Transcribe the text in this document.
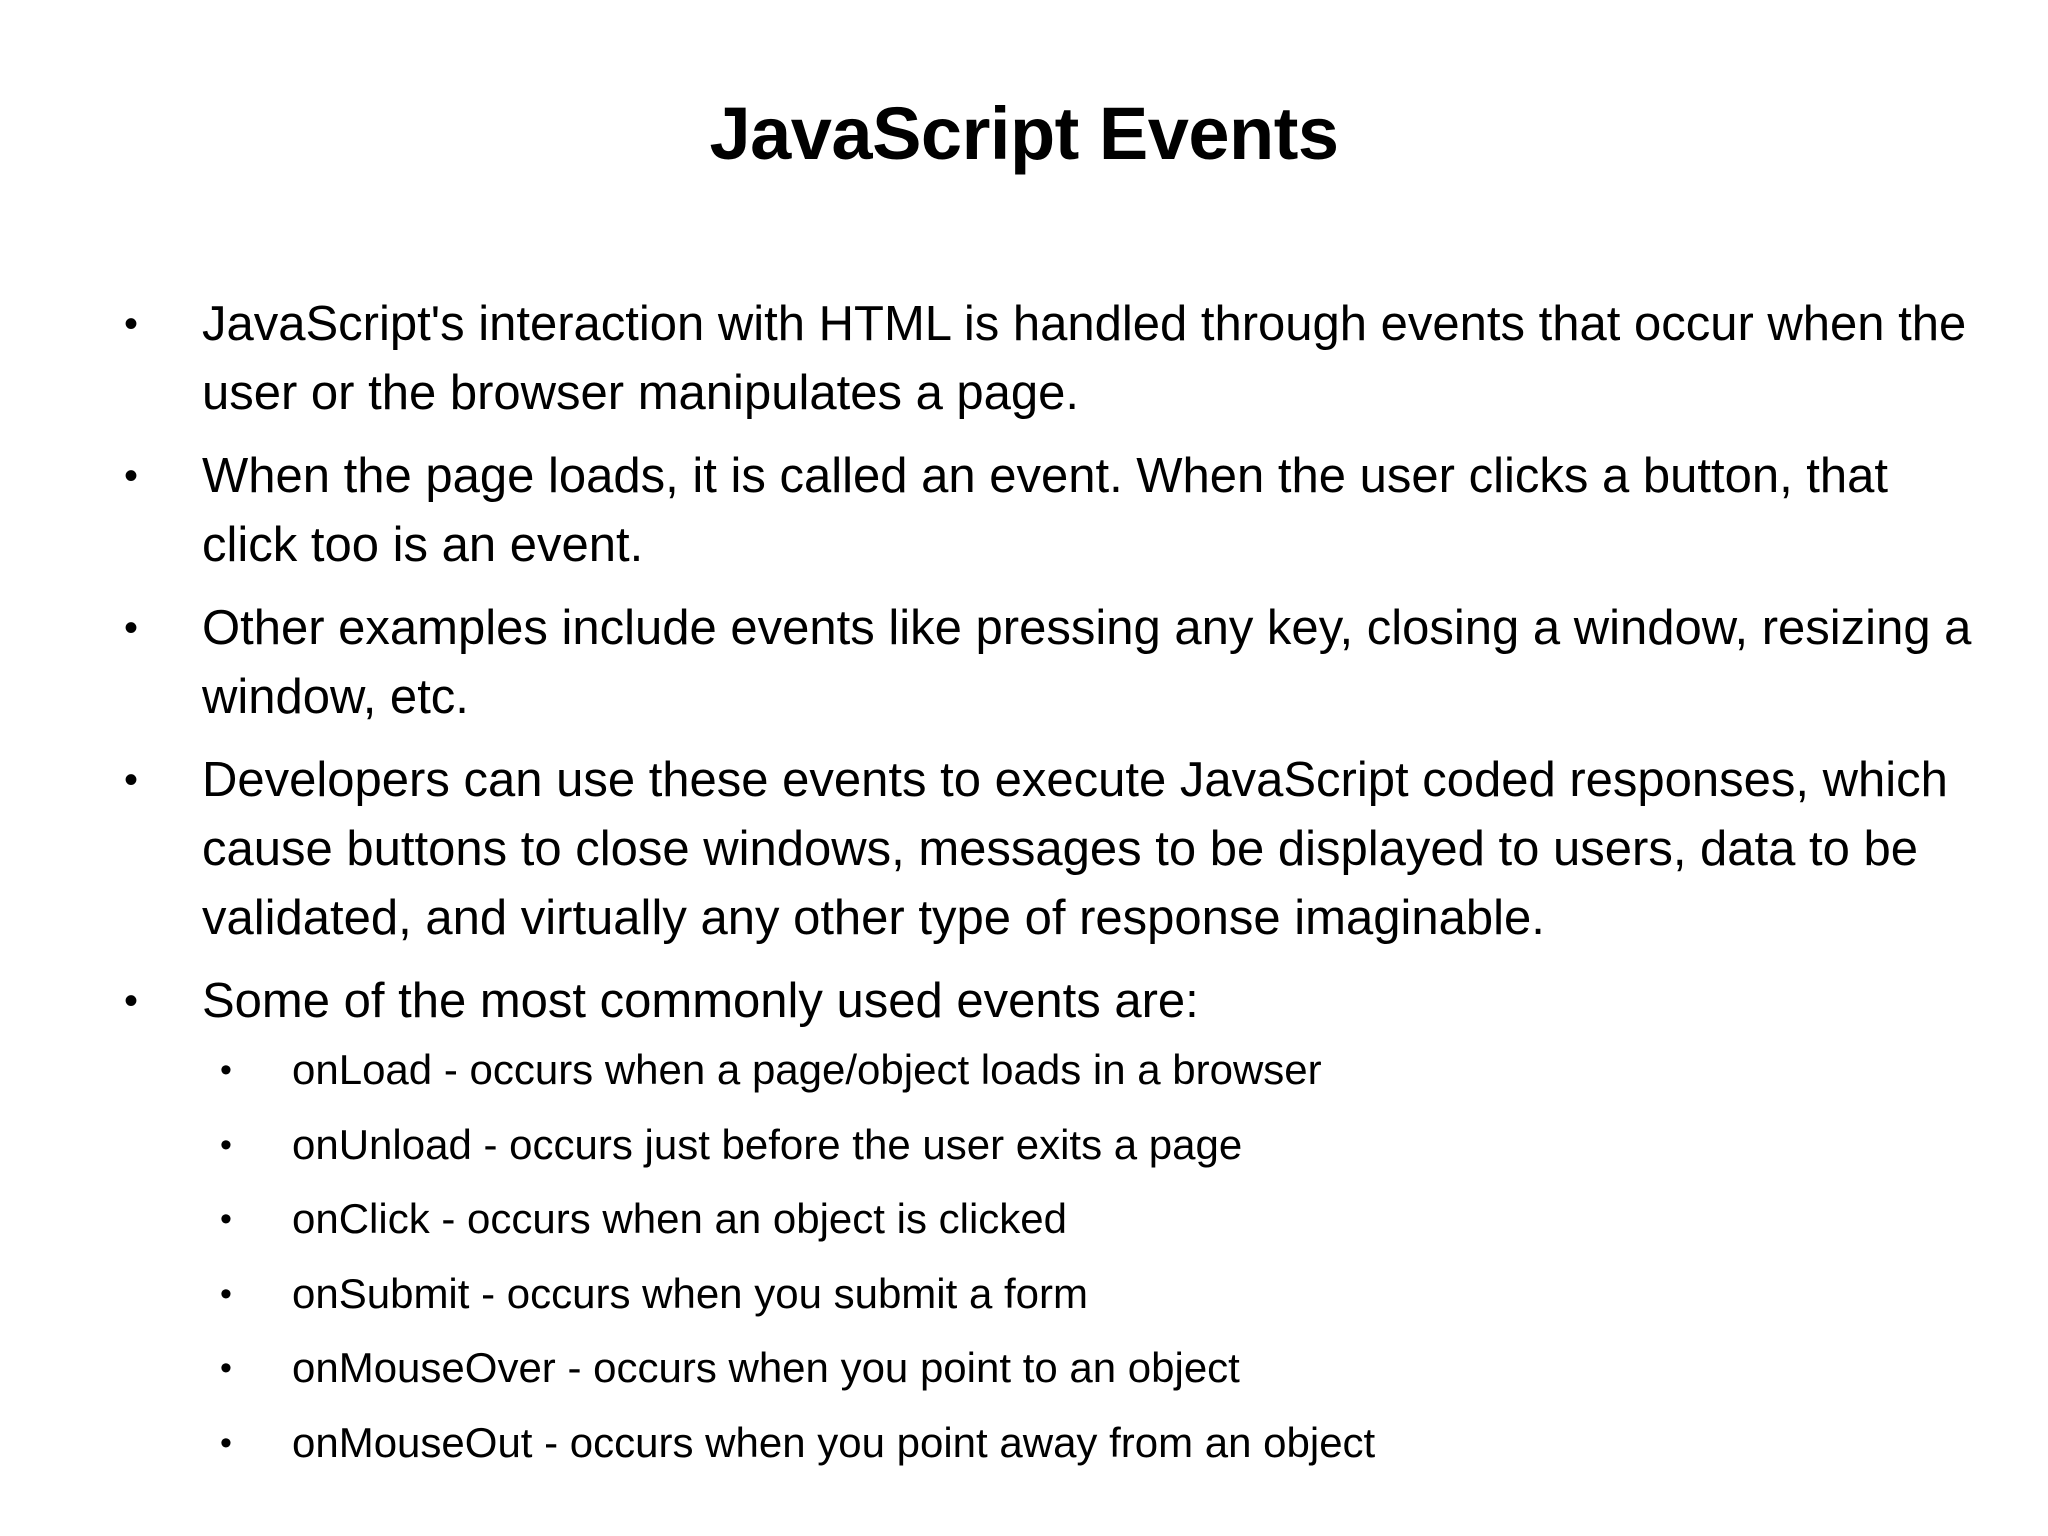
JavaScript Events
• JavaScript's interaction with HTML is handled through events that occur when the user or the browser manipulates a page.
• When the page loads, it is called an event. When the user clicks a button, that click too is an event.
• Other examples include events like pressing any key, closing a window, resizing a window, etc.
• Developers can use these events to execute JavaScript coded responses, which cause buttons to close windows, messages to be displayed to users, data to be validated, and virtually any other type of response imaginable.
• Some of the most commonly used events are:
• onLoad - occurs when a page/object loads in a browser
• onUnload - occurs just before the user exits a page
• onClick - occurs when an object is clicked
• onSubmit - occurs when you submit a form
• onMouseOver - occurs when you point to an object
• onMouseOut - occurs when you point away from an object
